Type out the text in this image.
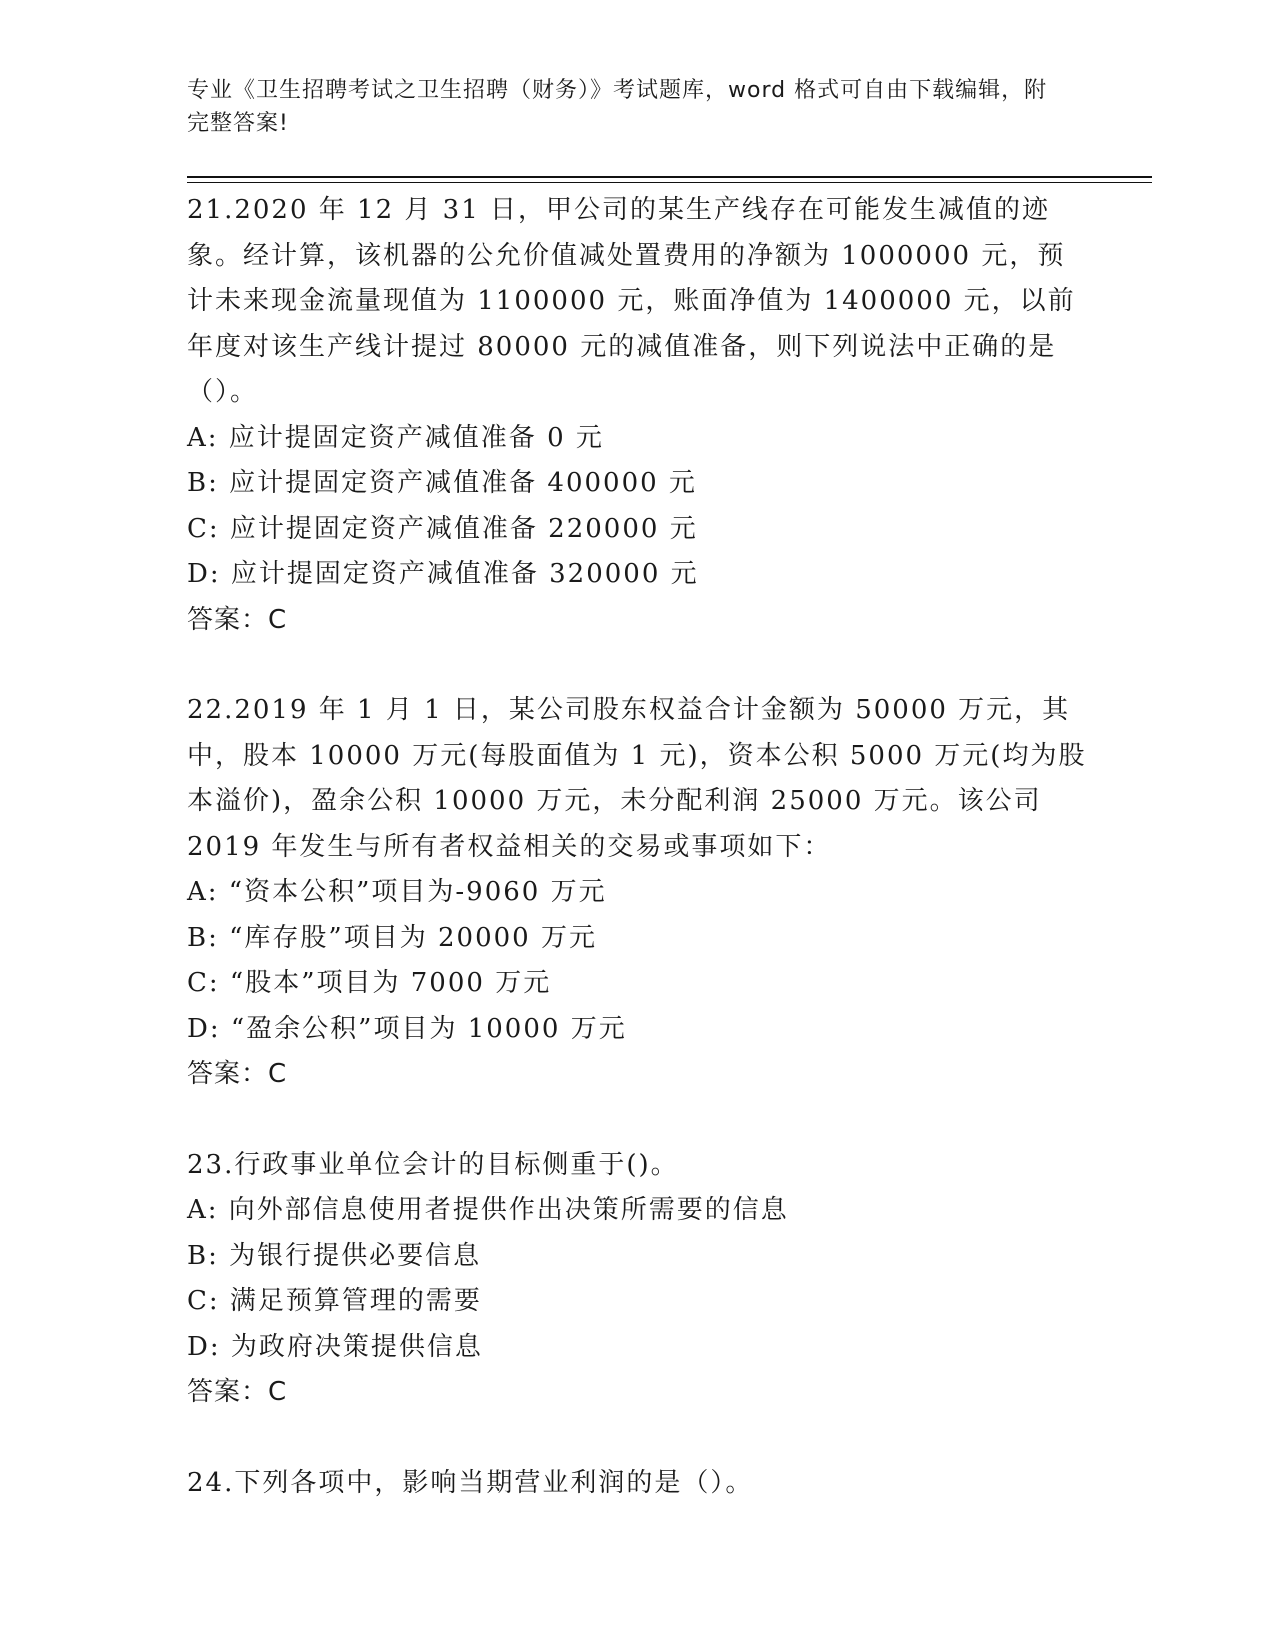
专业《卫生招聘考试之卫生招聘（财务）》考试题库，word 格式可自由下载编辑，附完整答案!

21.2020 年 12 月 31 日，甲公司的某生产线存在可能发生减值的迹象。经计算，该机器的公允价值减处置费用的净额为 1000000 元，预计未来现金流量现值为 1100000 元，账面净值为 1400000 元，以前年度对该生产线计提过 80000 元的减值准备，则下列说法中正确的是（）。

A: 应计提固定资产减值准备 0 元

B: 应计提固定资产减值准备 400000 元

C: 应计提固定资产减值准备 220000 元

D: 应计提固定资产减值准备 320000 元

答案：C

22.2019 年 1 月 1 日，某公司股东权益合计金额为 50000 万元，其中，股本 10000 万元(每股面值为 1 元)，资本公积 5000 万元(均为股本溢价)，盈余公积 10000 万元，未分配利润 25000 万元。该公司 2019 年发生与所有者权益相关的交易或事项如下：

A: “资本公积”项目为-9060 万元

B: “库存股”项目为 20000 万元

C: “股本”项目为 7000 万元

D: “盈余公积”项目为 10000 万元

答案：C

23.行政事业单位会计的目标侧重于()。

A: 向外部信息使用者提供作出决策所需要的信息

B: 为银行提供必要信息

C: 满足预算管理的需要

D: 为政府决策提供信息

答案：C

24.下列各项中，影响当期营业利润的是（）。
